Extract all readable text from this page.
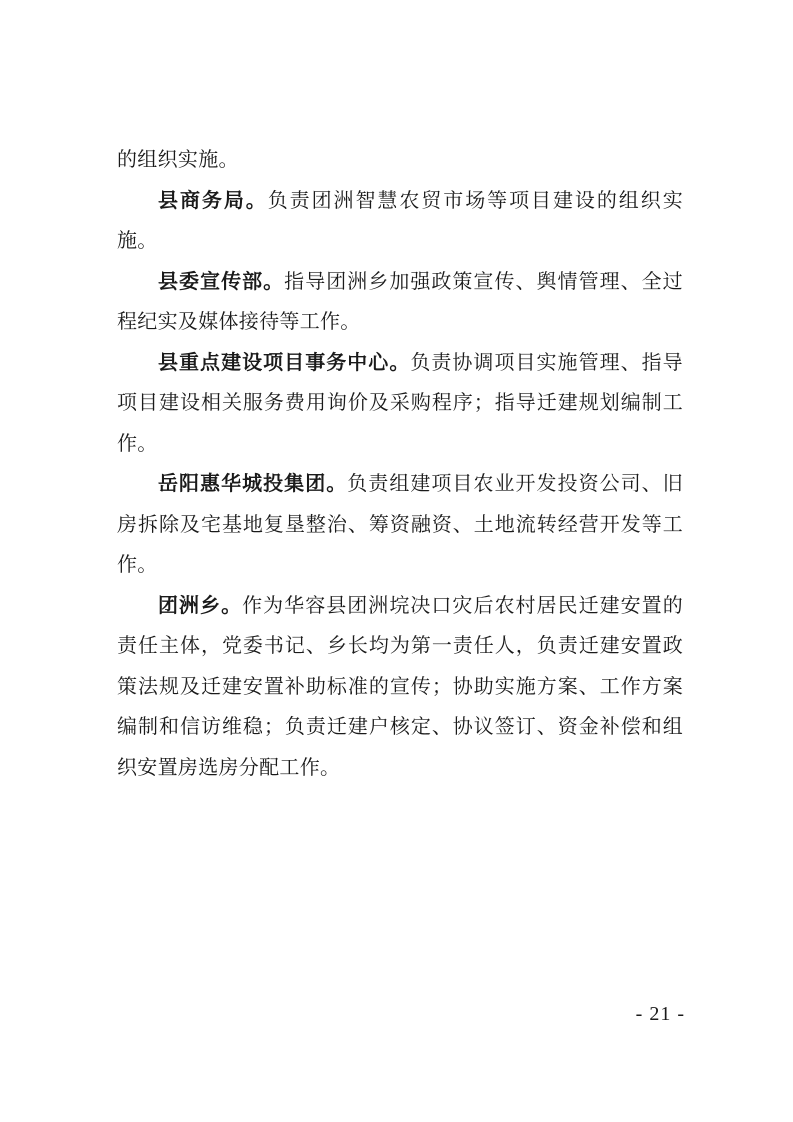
的组织实施。

县商务局。负责团洲智慧农贸市场等项目建设的组织实施。

县委宣传部。指导团洲乡加强政策宣传、舆情管理、全过程纪实及媒体接待等工作。

县重点建设项目事务中心。负责协调项目实施管理、指导项目建设相关服务费用询价及采购程序；指导迁建规划编制工作。

岳阳惠华城投集团。负责组建项目农业开发投资公司、旧房拆除及宅基地复垦整治、筹资融资、土地流转经营开发等工作。

团洲乡。作为华容县团洲垸决口灾后农村居民迁建安置的责任主体，党委书记、乡长均为第一责任人，负责迁建安置政策法规及迁建安置补助标准的宣传；协助实施方案、工作方案编制和信访维稳；负责迁建户核定、协议签订、资金补偿和组织安置房选房分配工作。

- 21 -
